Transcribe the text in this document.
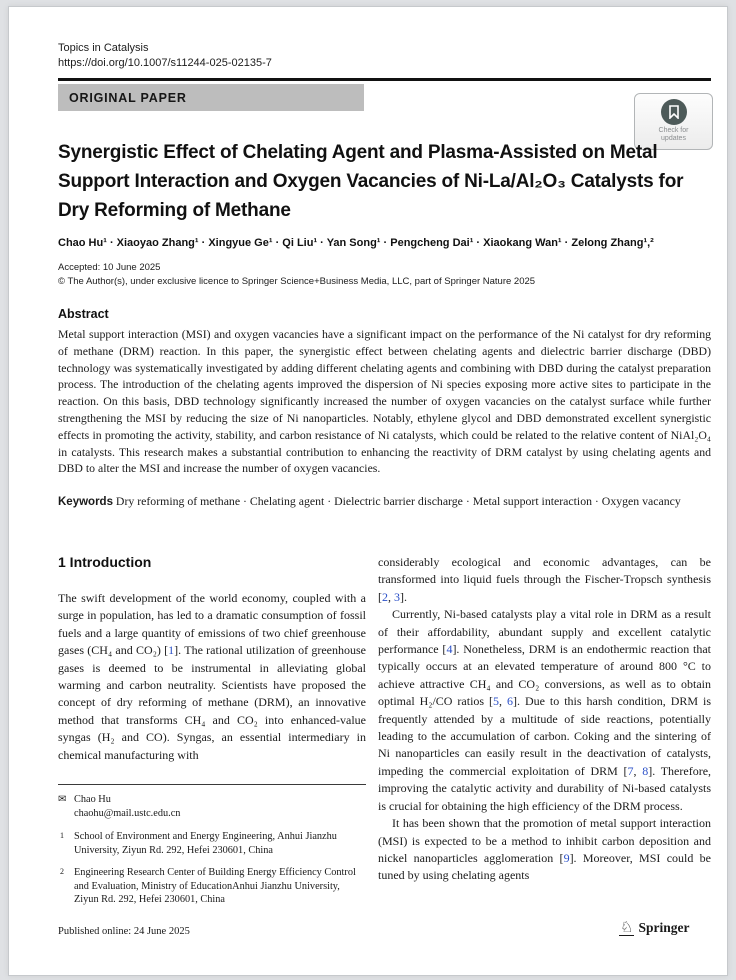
Topics in Catalysis
https://doi.org/10.1007/s11244-025-02135-7
ORIGINAL PAPER
Check for
updates
Synergistic Effect of Chelating Agent and Plasma-Assisted on Metal
Support Interaction and Oxygen Vacancies of Ni-La/Al₂O₃ Catalysts for
Dry Reforming of Methane
Chao Hu¹ · Xiaoyao Zhang¹ · Xingyue Ge¹ · Qi Liu¹ · Yan Song¹ · Pengcheng Dai¹ · Xiaokang Wan¹ · Zelong Zhang¹,²
Accepted: 10 June 2025
© The Author(s), under exclusive licence to Springer Science+Business Media, LLC, part of Springer Nature 2025
Abstract
Metal support interaction (MSI) and oxygen vacancies have a significant impact on the performance of the Ni catalyst for dry reforming of methane (DRM) reaction. In this paper, the synergistic effect between chelating agents and dielectric barrier discharge (DBD) technology was systematically investigated by adding different chelating agents and combining with DBD during the catalyst preparation process. The introduction of the chelating agents improved the dispersion of Ni species exposing more active sites to participate in the reaction. On this basis, DBD technology significantly increased the number of oxygen vacancies on the catalyst surface while further strengthening the MSI by reducing the size of Ni nanoparticles. Notably, ethylene glycol and DBD demonstrated excellent synergistic effects in promoting the activity, stability, and carbon resistance of Ni catalysts, which could be related to the relative content of NiAl₂O₄ in catalysts. This research makes a substantial contribution to enhancing the reactivity of DRM catalyst by using chelating agents and DBD to alter the MSI and increase the number of oxygen vacancies.
Keywords Dry reforming of methane · Chelating agent · Dielectric barrier discharge · Metal support interaction · Oxygen vacancy
1 Introduction

The swift development of the world economy, coupled with a surge in population, has led to a dramatic consumption of fossil fuels and a large quantity of emissions of two chief greenhouse gases (CH₄ and CO₂) [1]. The rational utilization of greenhouse gases is deemed to be instrumental in alleviating global warming and carbon neutrality. Scientists have proposed the concept of dry reforming of methane (DRM), an innovative method that transforms CH₄ and CO₂ into enhanced-value syngas (H₂ and CO). Syngas, an essential intermediary in chemical manufacturing with

considerably ecological and economic advantages, can be transformed into liquid fuels through the Fischer-Tropsch synthesis [2, 3].

Currently, Ni-based catalysts play a vital role in DRM as a result of their affordability, abundant supply and excellent catalytic performance [4]. Nonetheless, DRM is an endothermic reaction that typically occurs at an elevated temperature of around 800 °C to achieve attractive CH₄ and CO₂ conversions, as well as to obtain optimal H₂/CO ratios [5, 6]. Due to this harsh condition, DRM is frequently attended by a multitude of side reactions, potentially leading to the accumulation of carbon. Coking and the sintering of Ni nanoparticles can easily result in the deactivation of catalysts, impeding the commercial exploitation of DRM [7, 8]. Therefore, improving the catalytic activity and durability of Ni-based catalysts is crucial for obtaining the high efficiency of the DRM process.

It has been shown that the promotion of metal support interaction (MSI) is expected to be a method to inhibit carbon deposition and nickel nanoparticles agglomeration [9]. Moreover, MSI could be tuned by using chelating agents

✉ Chao Hu
chaohu@mail.ustc.edu.cn
1 School of Environment and Energy Engineering, Anhui Jianzhu University, Ziyun Rd. 292, Hefei 230601, China
2 Engineering Research Center of Building Energy Efficiency Control and Evaluation, Ministry of EducationAnhui Jianzhu University, Ziyun Rd. 292, Hefei 230601, China
Published online: 24 June 2025	♘ Springer
